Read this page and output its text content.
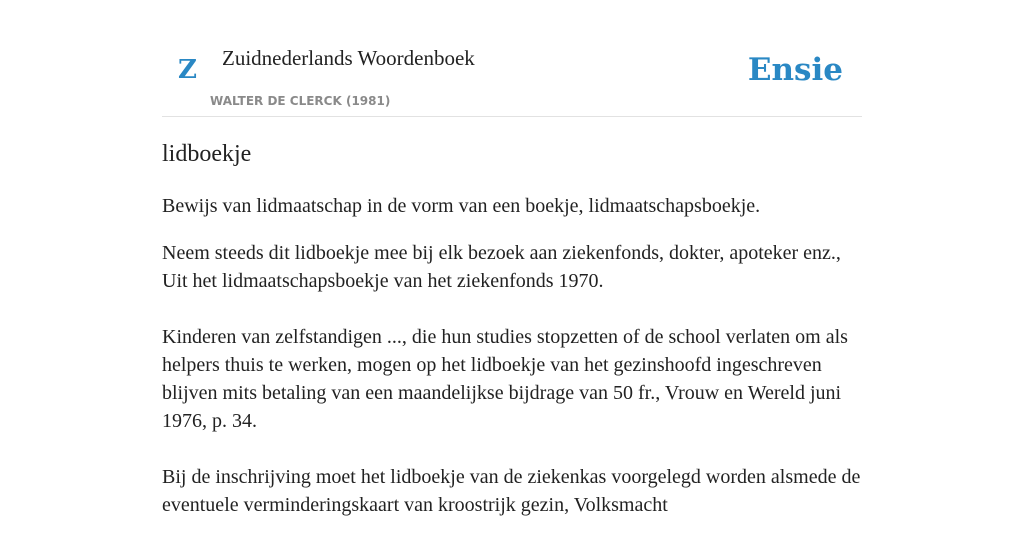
Z Zuidnederlands Woordenboek
WALTER DE CLERCK (1981)
Ensie
lidboekje

Bewijs van lidmaatschap in de vorm van een boekje, lidmaatschapsboekje.

Neem steeds dit lidboekje mee bij elk bezoek aan ziekenfonds, dokter, apoteker enz., Uit het lidmaatschapsboekje van het ziekenfonds 1970.

Kinderen van zelfstandigen ..., die hun studies stopzetten of de school verlaten om als helpers thuis te werken, mogen op het lidboekje van het gezinshoofd ingeschreven blijven mits betaling van een maandelijkse bijdrage van 50 fr., Vrouw en Wereld juni 1976, p. 34.

Bij de inschrijving moet het lidboekje van de ziekenkas voorgelegd worden alsmede de eventuele verminderingskaart van kroostrijk gezin, Volksmacht
